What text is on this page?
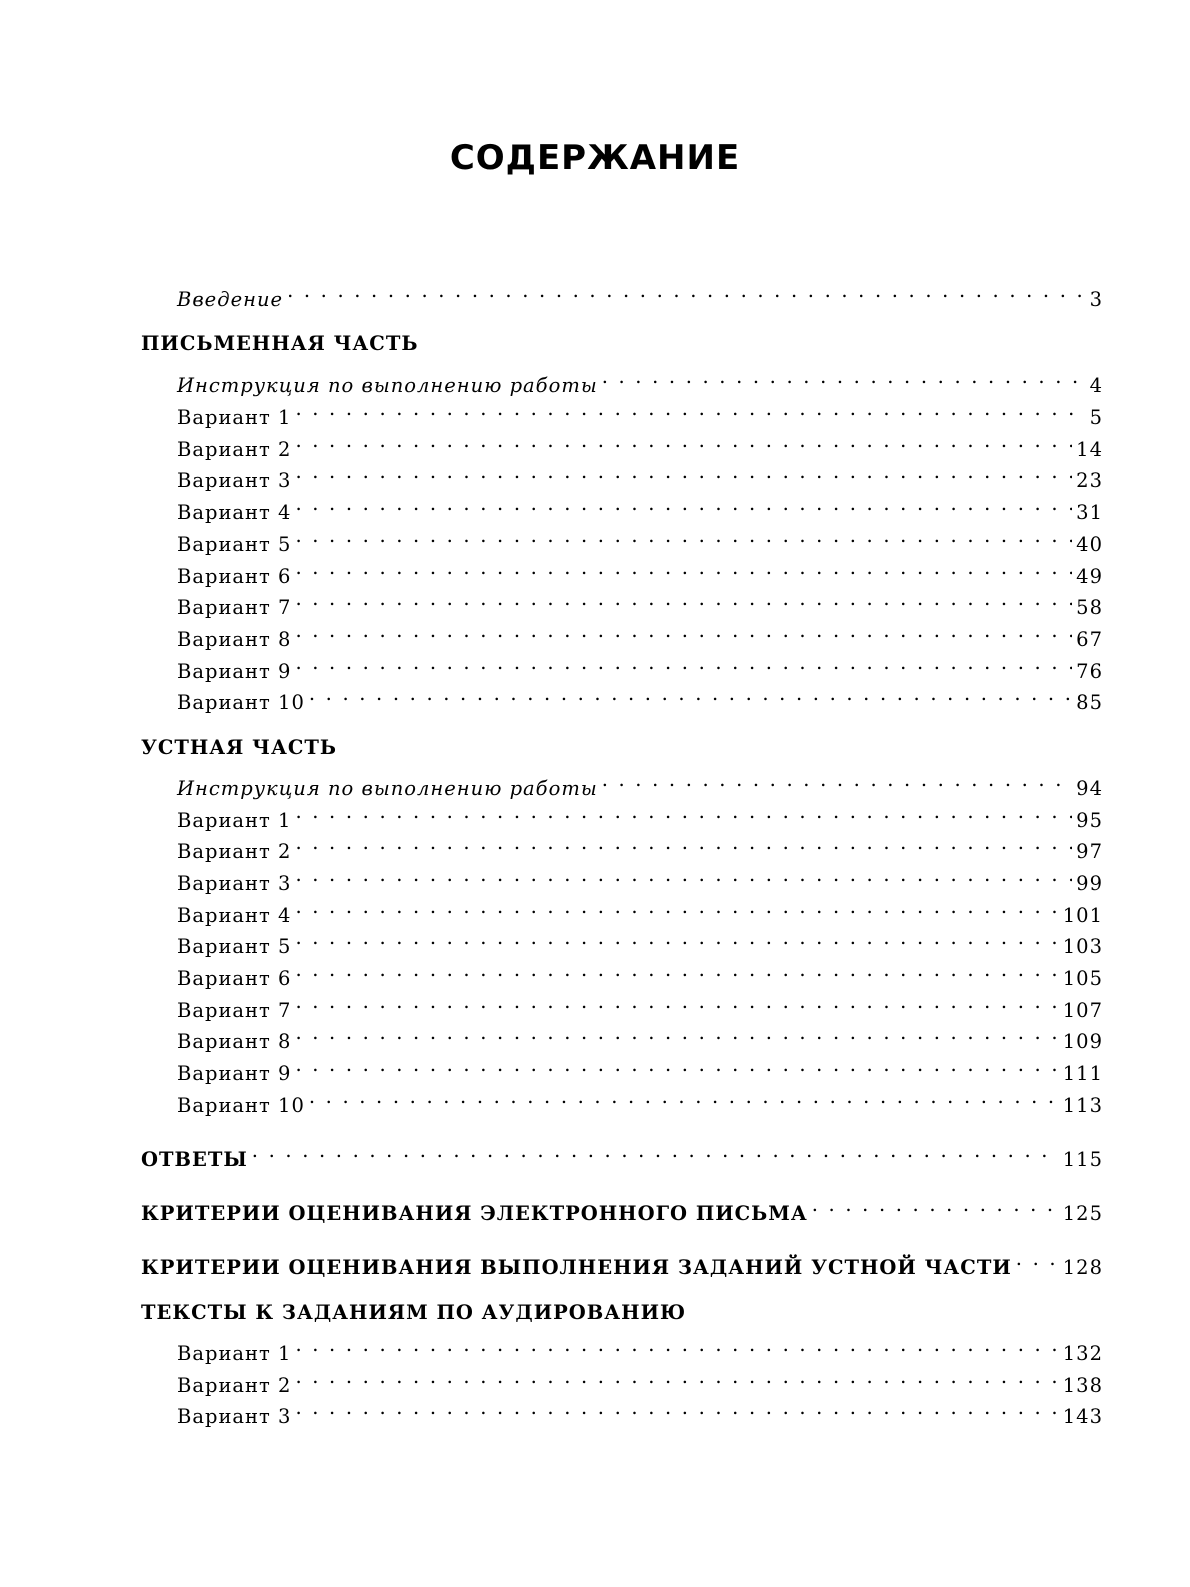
СОДЕРЖАНИЕ
Введение . . .	3
ПИСЬМЕННАЯ ЧАСТЬ
Инструкция по выполнению работы . . .	4
Вариант 1 . . .	5
Вариант 2 . . .	14
Вариант 3 . . .	23
Вариант 4 . . .	31
Вариант 5 . . .	40
Вариант 6 . . .	49
Вариант 7 . . .	58
Вариант 8 . . .	67
Вариант 9 . . .	76
Вариант 10 . . .	85
УСТНАЯ ЧАСТЬ
Инструкция по выполнению работы . . .	94
Вариант 1 . . .	95
Вариант 2 . . .	97
Вариант 3 . . .	99
Вариант 4 . . .	101
Вариант 5 . . .	103
Вариант 6 . . .	105
Вариант 7 . . .	107
Вариант 8 . . .	109
Вариант 9 . . .	111
Вариант 10 . . .	113
ОТВЕТЫ . . .	115
КРИТЕРИИ ОЦЕНИВАНИЯ ЭЛЕКТРОННОГО ПИСЬМА . . .	125
КРИТЕРИИ ОЦЕНИВАНИЯ ВЫПОЛНЕНИЯ ЗАДАНИЙ УСТНОЙ ЧАСТИ . . .	128
ТЕКСТЫ К ЗАДАНИЯМ ПО АУДИРОВАНИЮ
Вариант 1 . . .	132
Вариант 2 . . .	138
Вариант 3 . . .	143
